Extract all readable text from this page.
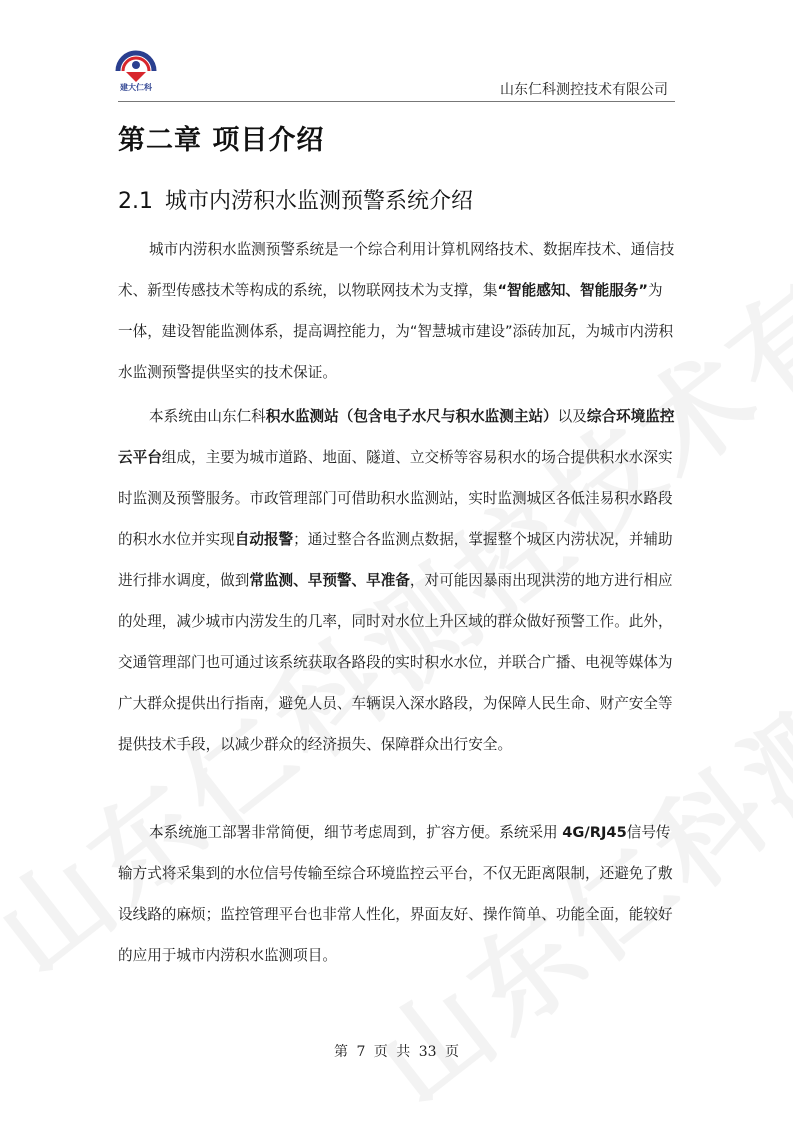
建大仁科	山东仁科测控技术有限公司
第二章 项目介绍
2.1 城市内涝积水监测预警系统介绍

城市内涝积水监测预警系统是一个综合利用计算机网络技术、数据库技术、通信技术、新型传感技术等构成的系统，以物联网技术为支撑，集“智能感知、智能服务”为一体，建设智能监测体系，提高调控能力，为“智慧城市建设”添砖加瓦，为城市内涝积水监测预警提供坚实的技术保证。

本系统由山东仁科积水监测站（包含电子水尺与积水监测主站）以及综合环境监控云平台组成，主要为城市道路、地面、隧道、立交桥等容易积水的场合提供积水水深实时监测及预警服务。市政管理部门可借助积水监测站，实时监测城区各低洼易积水路段的积水水位并实现自动报警；通过整合各监测点数据，掌握整个城区内涝状况，并辅助进行排水调度，做到常监测、早预警、早准备，对可能因暴雨出现洪涝的地方进行相应的处理，减少城市内涝发生的几率，同时对水位上升区域的群众做好预警工作。此外，交通管理部门也可通过该系统获取各路段的实时积水水位，并联合广播、电视等媒体为广大群众提供出行指南，避免人员、车辆误入深水路段，为保障人民生命、财产安全等提供技术手段，以减少群众的经济损失、保障群众出行安全。

本系统施工部署非常简便，细节考虑周到，扩容方便。系统采用 4G/RJ45信号传输方式将采集到的水位信号传输至综合环境监控云平台，不仅无距离限制，还避免了敷设线路的麻烦；监控管理平台也非常人性化，界面友好、操作简单、功能全面，能较好的应用于城市内涝积水监测项目。

第 7 页 共 33 页
